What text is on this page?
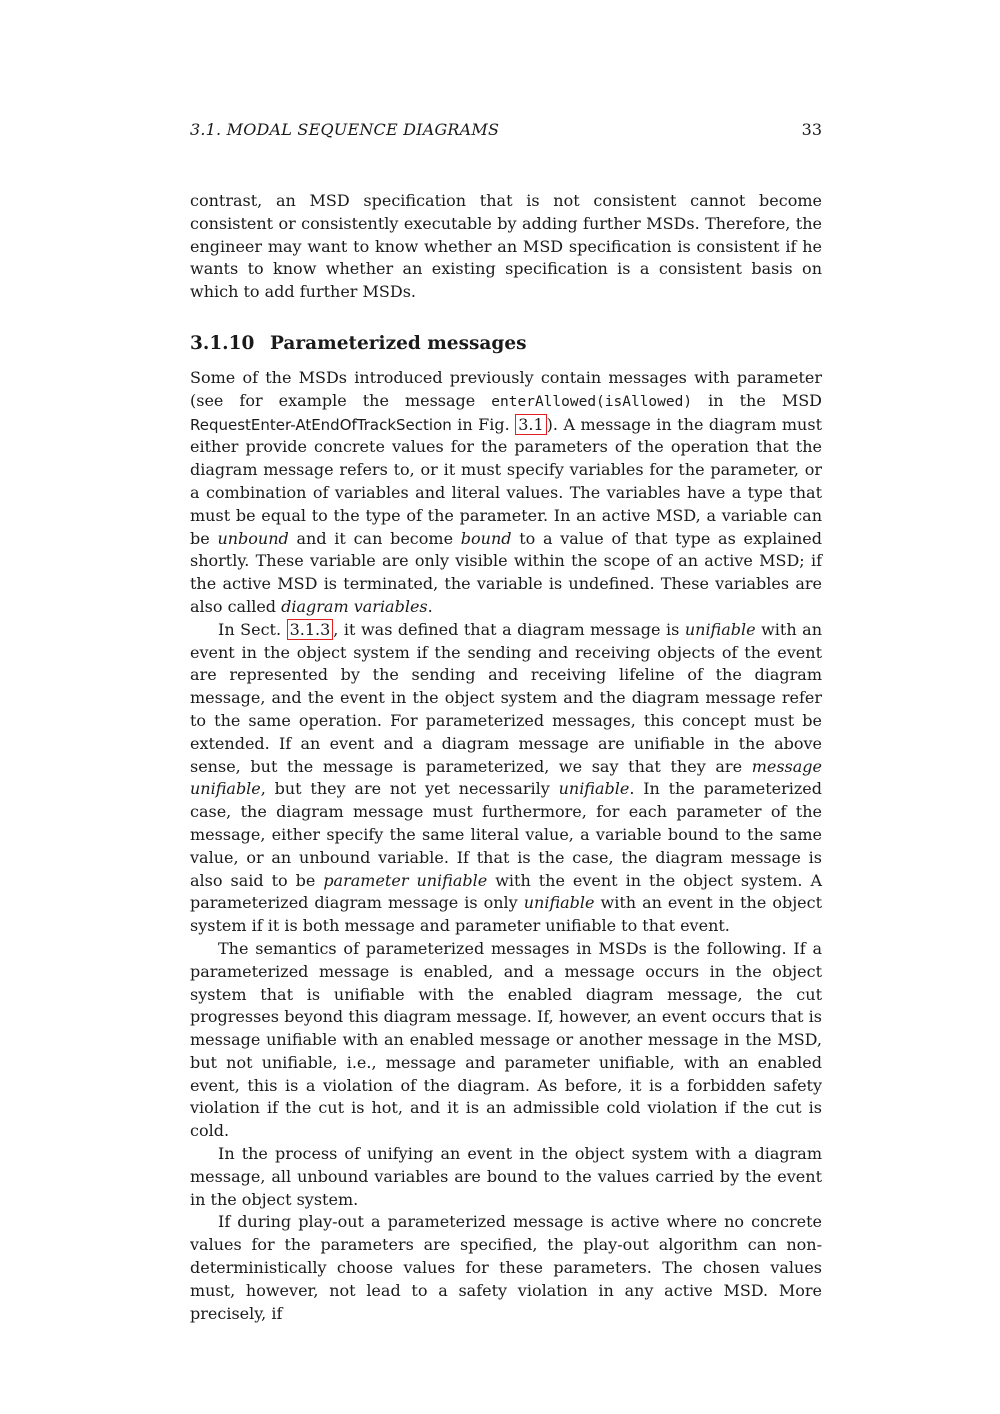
3.1. MODAL SEQUENCE DIAGRAMS	33

contrast, an MSD specification that is not consistent cannot become consistent or consistently executable by adding further MSDs. Therefore, the engineer may want to know whether an MSD specification is consistent if he wants to know whether an existing specification is a consistent basis on which to add further MSDs.

3.1.10 Parameterized messages

Some of the MSDs introduced previously contain messages with parameter (see for example the message enterAllowed(isAllowed) in the MSD RequestEnter-AtEndOfTrackSection in Fig. 3.1 ). A message in the diagram must either provide concrete values for the parameters of the operation that the diagram message refers to, or it must specify variables for the parameter, or a combination of variables and literal values. The variables have a type that must be equal to the type of the parameter. In an active MSD, a variable can be unbound and it can become bound to a value of that type as explained shortly. These variable are only visible within the scope of an active MSD; if the active MSD is terminated, the variable is undefined. These variables are also called diagram variables.

In Sect. 3.1.3 , it was defined that a diagram message is unifiable with an event in the object system if the sending and receiving objects of the event are represented by the sending and receiving lifeline of the diagram message, and the event in the object system and the diagram message refer to the same operation. For parameterized messages, this concept must be extended. If an event and a diagram message are unifiable in the above sense, but the message is parameterized, we say that they are message unifiable, but they are not yet necessarily unifiable. In the parameterized case, the diagram message must furthermore, for each parameter of the message, either specify the same literal value, a variable bound to the same value, or an unbound variable. If that is the case, the diagram message is also said to be parameter unifiable with the event in the object system. A parameterized diagram message is only unifiable with an event in the object system if it is both message and parameter unifiable to that event.

The semantics of parameterized messages in MSDs is the following. If a parameterized message is enabled, and a message occurs in the object system that is unifiable with the enabled diagram message, the cut progresses beyond this diagram message. If, however, an event occurs that is message unifiable with an enabled message or another message in the MSD, but not unifiable, i.e., message and parameter unifiable, with an enabled event, this is a violation of the diagram. As before, it is a forbidden safety violation if the cut is hot, and it is an admissible cold violation if the cut is cold.

In the process of unifying an event in the object system with a diagram message, all unbound variables are bound to the values carried by the event in the object system.

If during play-out a parameterized message is active where no concrete values for the parameters are specified, the play-out algorithm can non-deterministically choose values for these parameters. The chosen values must, however, not lead to a safety violation in any active MSD. More precisely, if
